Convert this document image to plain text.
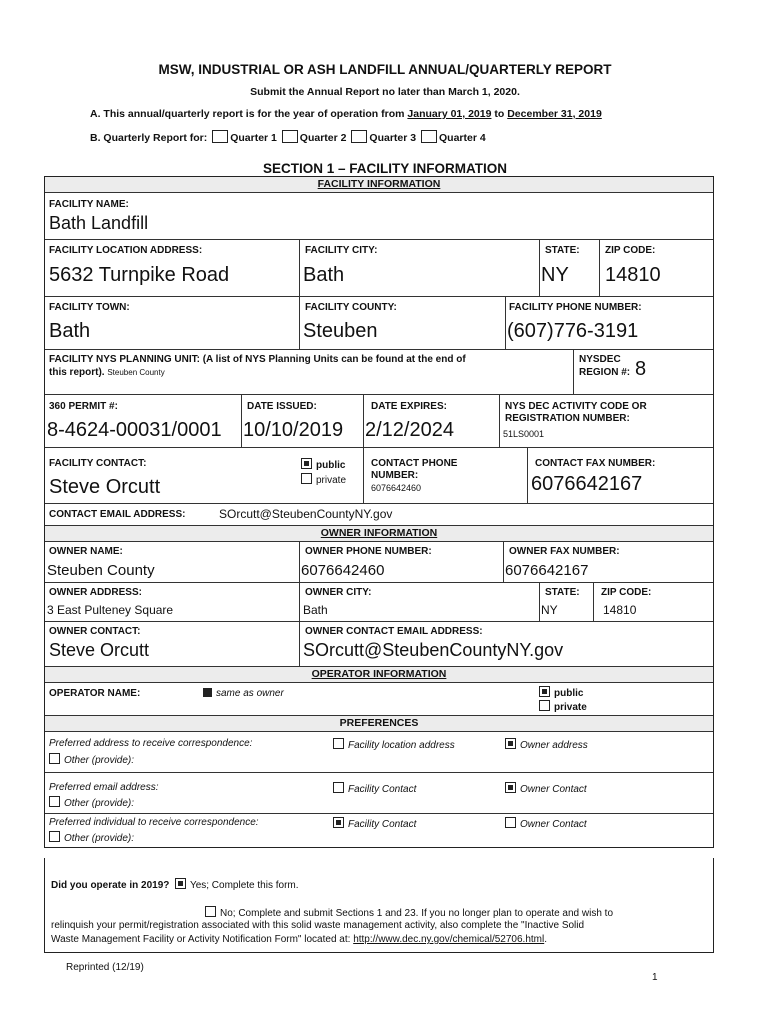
MSW, INDUSTRIAL OR ASH LANDFILL ANNUAL/QUARTERLY REPORT
Submit the Annual Report no later than March 1, 2020.
A. This annual/quarterly report is for the year of operation from January 01, 2019 to December 31, 2019
B. Quarterly Report for: Quarter 1 Quarter 2 Quarter 3 Quarter 4
SECTION 1 – FACILITY INFORMATION
FACILITY INFORMATION
FACILITY NAME:
Bath Landfill
FACILITY LOCATION ADDRESS:
5632 Turnpike Road
FACILITY CITY:
Bath
STATE:
NY
ZIP CODE:
14810
FACILITY TOWN:
Bath
FACILITY COUNTY:
Steuben
FACILITY PHONE NUMBER:
(607)776-3191
FACILITY NYS PLANNING UNIT: (A list of NYS Planning Units can be found at the end of
this report). Steuben County
NYSDEC
REGION #: 8
360 PERMIT #:
8-4624-00031/0001
DATE ISSUED:
10/10/2019
DATE EXPIRES:
2/12/2024
NYS DEC ACTIVITY CODE OR
REGISTRATION NUMBER:
51LS0001
FACILITY CONTACT:
Steve Orcutt
public
private
CONTACT PHONE
NUMBER:
6076642460
CONTACT FAX NUMBER:
6076642167
CONTACT EMAIL ADDRESS:	SOrcutt@SteubenCountyNY.gov
OWNER INFORMATION
OWNER NAME:
Steuben County
OWNER PHONE NUMBER:
6076642460
OWNER FAX NUMBER:
6076642167
OWNER ADDRESS:
3 East Pulteney Square
OWNER CITY:
Bath
STATE:
NY
ZIP CODE:
14810
OWNER CONTACT:
Steve Orcutt
OWNER CONTACT EMAIL ADDRESS:
SOrcutt@SteubenCountyNY.gov
OPERATOR INFORMATION
OPERATOR NAME:	same as owner	public
private
PREFERENCES
Preferred address to receive correspondence:
Other (provide):
Facility location address	Owner address
Preferred email address:
Other (provide):
Facility Contact	Owner Contact
Preferred individual to receive correspondence:
Other (provide):
Facility Contact	Owner Contact
Did you operate in 2019? Yes; Complete this form.
No; Complete and submit Sections 1 and 23. If you no longer plan to operate and wish to
relinquish your permit/registration associated with this solid waste management activity, also complete the "Inactive Solid
Waste Management Facility or Activity Notification Form" located at: http://www.dec.ny.gov/chemical/52706.html.
Reprinted (12/19)
1
